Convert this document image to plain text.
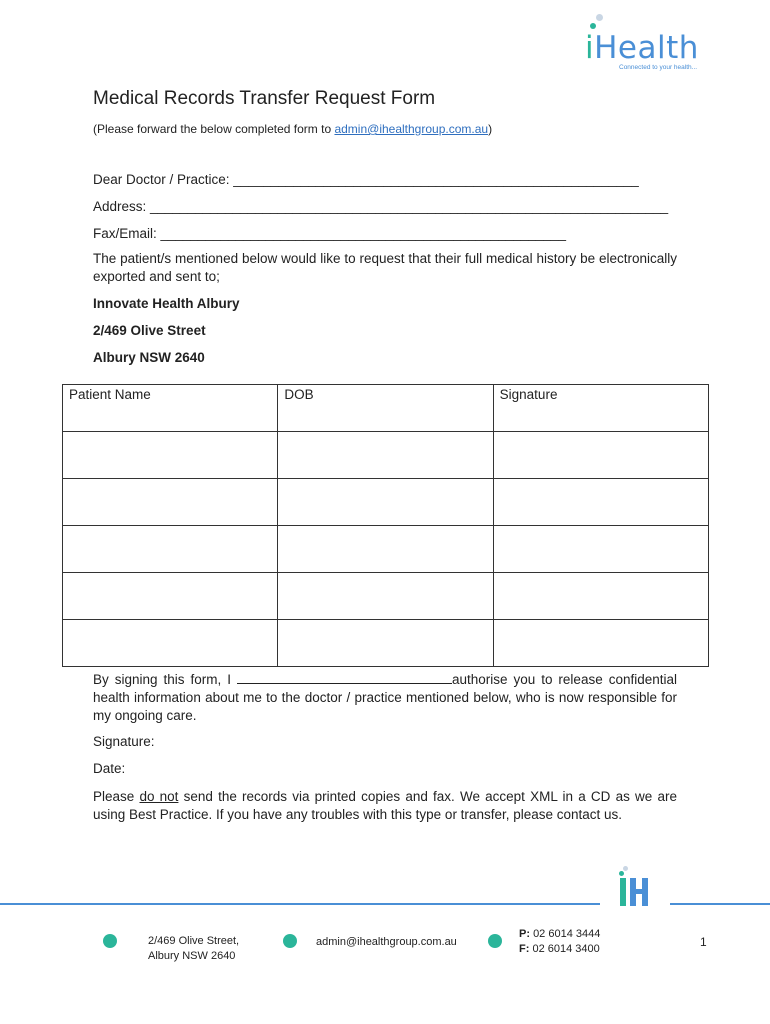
iHealth
Connected to your health...
Medical Records Transfer Request Form
(Please forward the below completed form to admin@ihealthgroup.com.au)
Dear Doctor / Practice: ______________________________________________________
Address: _____________________________________________________________________
Fax/Email: ______________________________________________________
The patient/s mentioned below would like to request that their full medical history be electronically exported and sent to;
Innovate Health Albury
2/469 Olive Street
Albury NSW 2640
Patient Name	DOB	Signature

By signing this form, I	authorise you to release confidential health information about me to the doctor / practice mentioned below, who is now responsible for my ongoing care.
Signature:
Date:
Please do not send the records via printed copies and fax. We accept XML in a CD as we are using Best Practice. If you have any troubles with this type or transfer, please contact us.
2/469 Olive Street,
Albury NSW 2640
admin@ihealthgroup.com.au
P: 02 6014 3444
F: 02 6014 3400	1
